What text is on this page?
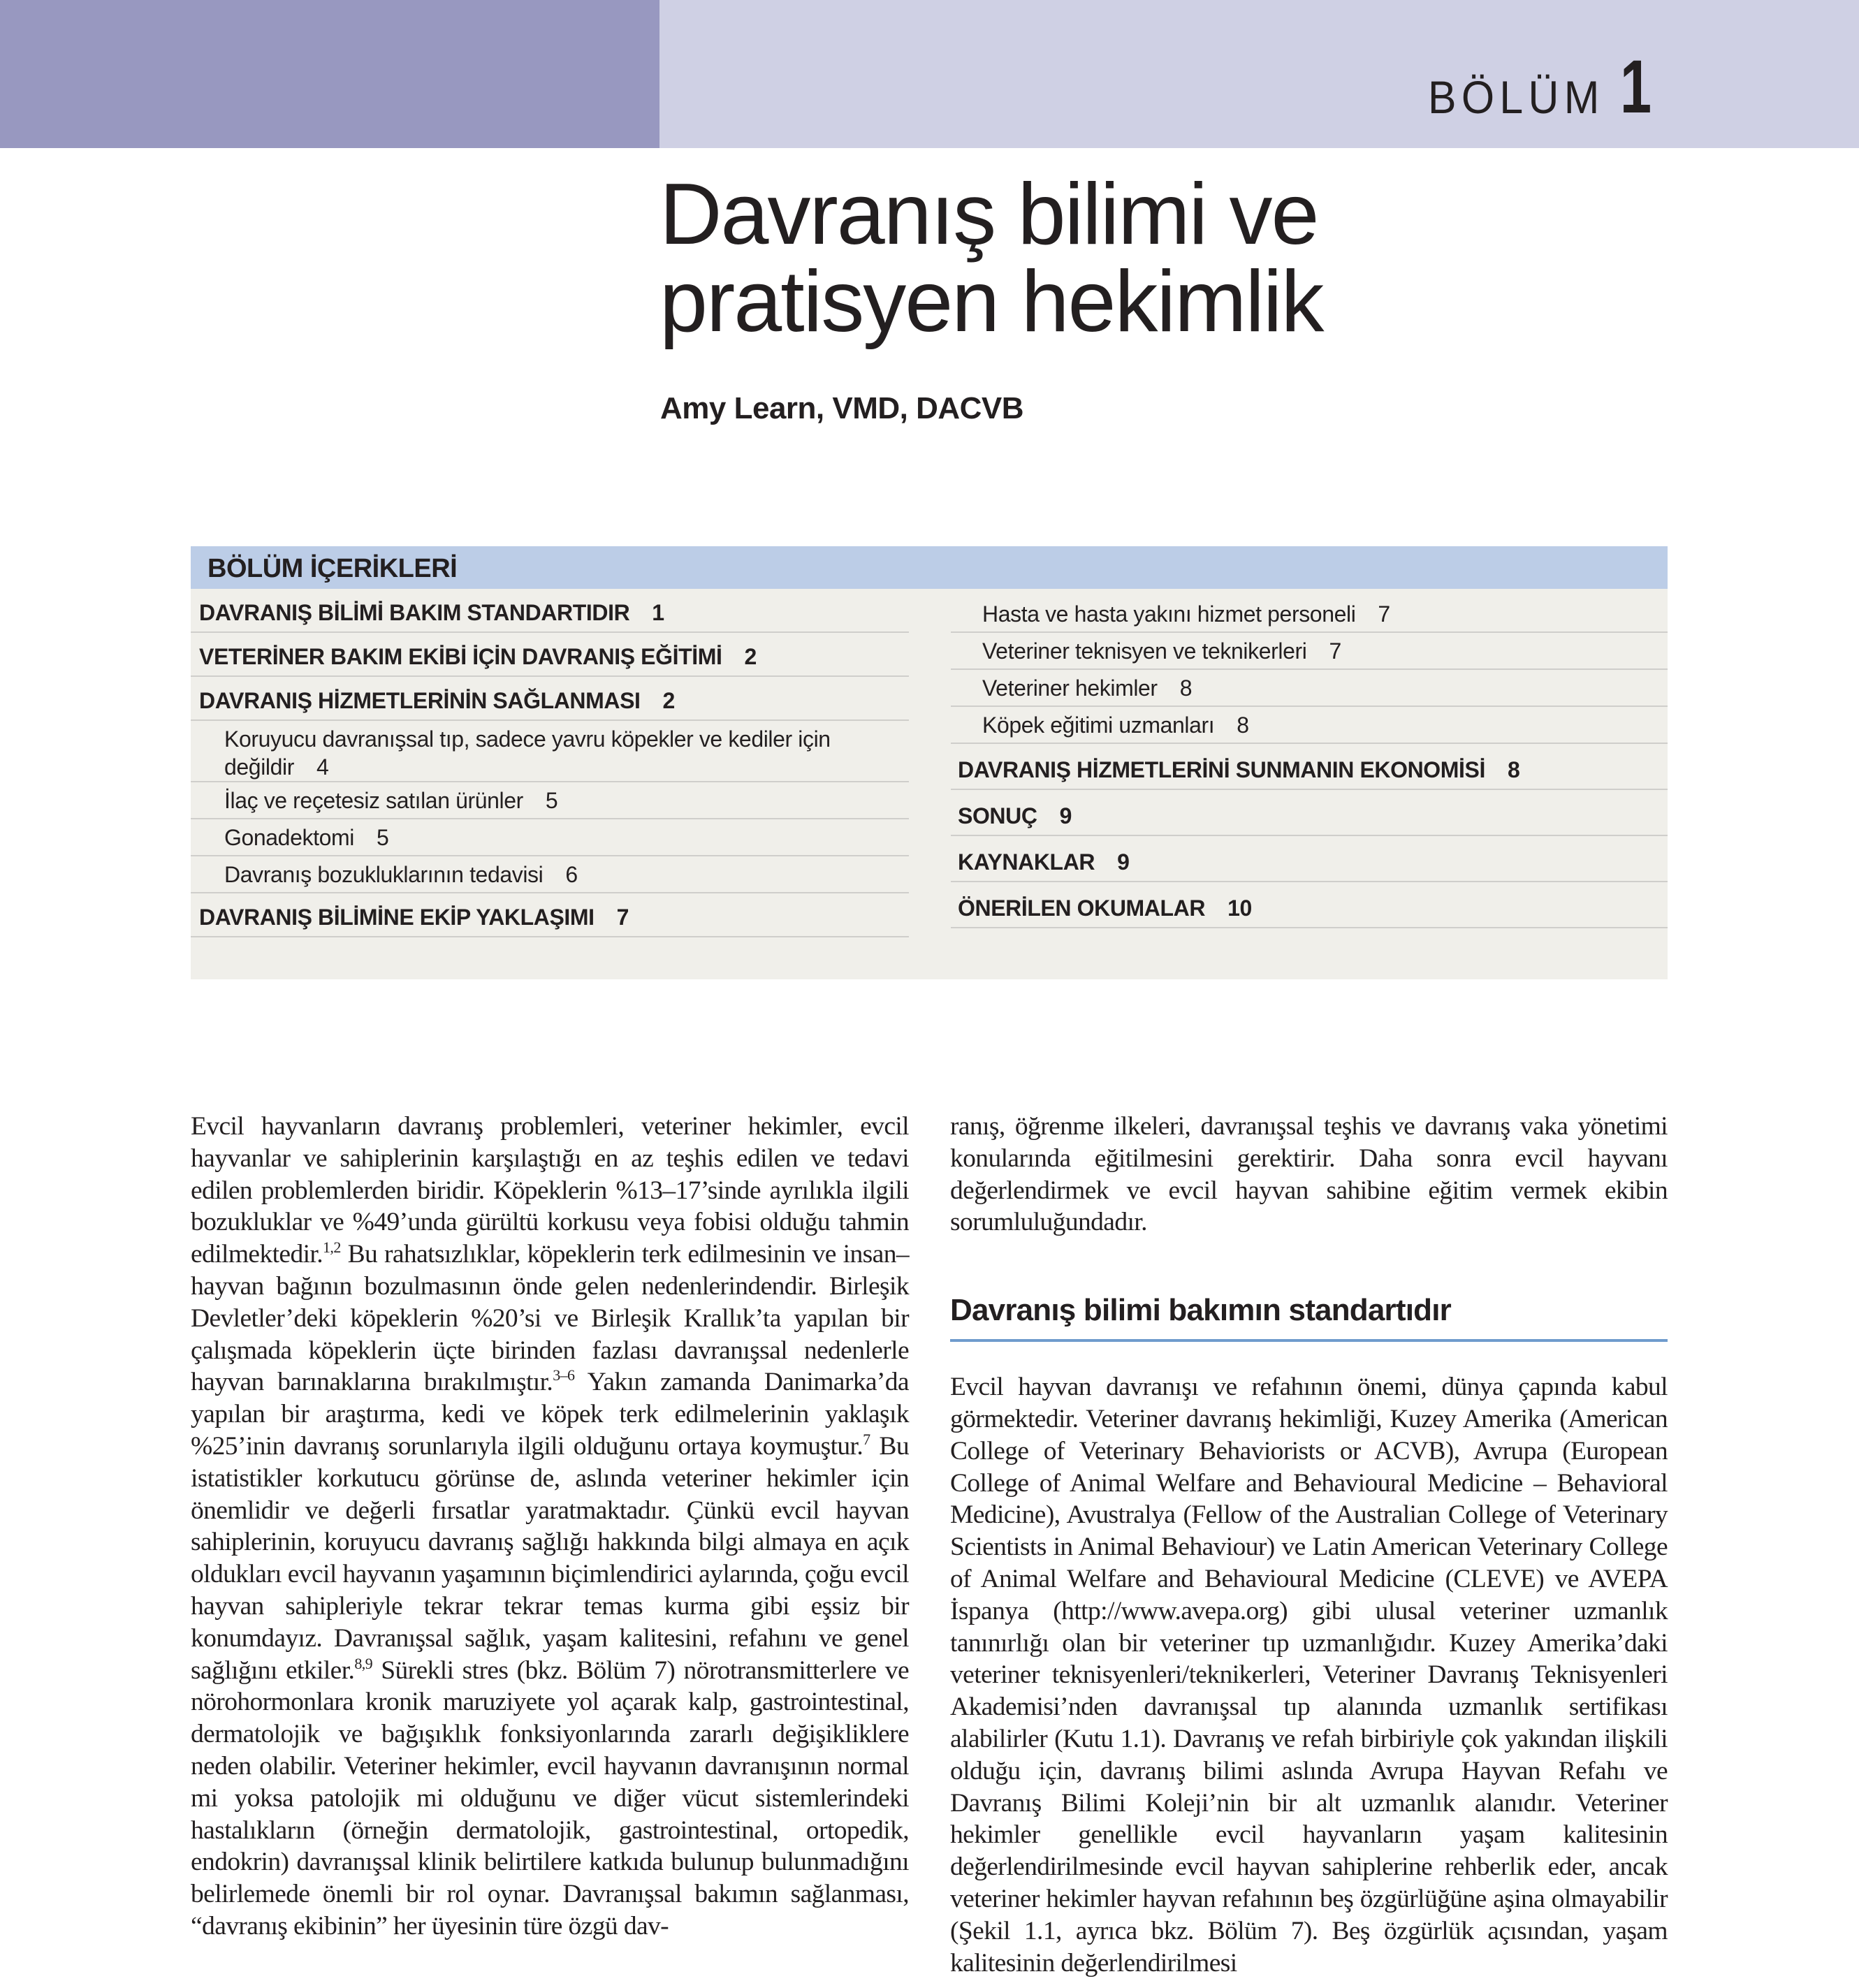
BÖLÜM 1
Davranış bilimi ve
pratisyen hekimlik
Amy Learn, VMD, DACVB
BÖLÜM İÇERİKLERİ
DAVRANIŞ BİLİMİ BAKIM STANDARTIDIR 1
VETERİNER BAKIM EKİBİ İÇİN DAVRANIŞ EĞİTİMİ 2
DAVRANIŞ HİZMETLERİNİN SAĞLANMASI 2
Koruyucu davranışsal tıp, sadece yavru köpekler ve kediler için değildir 4
İlaç ve reçetesiz satılan ürünler 5
Gonadektomi 5
Davranış bozukluklarının tedavisi 6
DAVRANIŞ BİLİMİNE EKİP YAKLAŞIMI 7
Hasta ve hasta yakını hizmet personeli 7
Veteriner teknisyen ve teknikerleri 7
Veteriner hekimler 8
Köpek eğitimi uzmanları 8
DAVRANIŞ HİZMETLERİNİ SUNMANIN EKONOMİSİ 8
SONUÇ 9
KAYNAKLAR 9
ÖNERİLEN OKUMALAR 10

Evcil hayvanların davranış problemleri, veteriner hekimler, evcil hayvanlar ve sahiplerinin karşılaştığı en az teşhis edilen ve tedavi edilen problemlerden biridir. Köpeklerin %13–17’sinde ayrılıkla ilgili bozukluklar ve %49’unda gürültü korkusu veya fobisi olduğu tahmin edilmektedir.$^{1,2}$ Bu rahatsızlıklar, köpeklerin terk edilmesinin ve insan–hayvan bağının bozulmasının önde gelen nedenlerindendir. Birleşik Devletler’deki köpeklerin %20’si ve Birleşik Krallık’ta yapılan bir çalışmada köpeklerin üçte birinden fazlası davranışsal nedenlerle hayvan barınaklarına bırakılmıştır.$^{3-6}$ Yakın zamanda Danimarka’da yapılan bir araştırma, kedi ve köpek terk edilmelerinin yaklaşık %25’inin davranış sorunlarıyla ilgili olduğunu ortaya koymuştur.$^7$ Bu istatistikler korkutucu görünse de, aslında veteriner hekimler için önemlidir ve değerli fırsatlar yaratmaktadır. Çünkü evcil hayvan sahiplerinin, koruyucu davranış sağlığı hakkında bilgi almaya en açık oldukları evcil hayvanın yaşamının biçimlendirici aylarında, çoğu evcil hayvan sahipleriyle tekrar tekrar temas kurma gibi eşsiz bir konumdayız. Davranışsal sağlık, yaşam kalitesini, refahını ve genel sağlığını etkiler.$^{8,9}$ Sürekli stres (bkz. Bölüm 7) nörotransmitterlere ve nörohormonlara kronik maruziyete yol açarak kalp, gastrointestinal, dermatolojik ve bağışıklık fonksiyonlarında zararlı değişikliklere neden olabilir. Veteriner hekimler, evcil hayvanın davranışının normal mi yoksa patolojik mi olduğunu ve diğer vücut sistemlerindeki hastalıkların (örneğin dermatolojik, gastrointestinal, ortopedik, endokrin) davranışsal klinik belirtilere katkıda bulunup bulunmadığını belirlemede önemli bir rol oynar. Davranışsal bakımın sağlanması, “davranış ekibinin” her üyesinin türe özgü dav-

ranış, öğrenme ilkeleri, davranışsal teşhis ve davranış vaka yönetimi konularında eğitilmesini gerektirir. Daha sonra evcil hayvanı değerlendirmek ve evcil hayvan sahibine eğitim vermek ekibin sorumluluğundadır.

Davranış bilimi bakımın standartıdır

Evcil hayvan davranışı ve refahının önemi, dünya çapında kabul görmektedir. Veteriner davranış hekimliği, Kuzey Amerika (American College of Veterinary Behaviorists or ACVB), Avrupa (European College of Animal Welfare and Behavioural Medicine – Behavioral Medicine), Avustralya (Fellow of the Australian College of Veterinary Scientists in Animal Behaviour) ve Latin American Veterinary College of Animal Welfare and Behavioural Medicine (CLEVE) ve AVEPA İspanya (http://www.avepa.org) gibi ulusal veteriner uzmanlık tanınırlığı olan bir veteriner tıp uzmanlığıdır. Kuzey Amerika’daki veteriner teknisyenleri/teknikerleri, Veteriner Davranış Teknisyenleri Akademisi’nden davranışsal tıp alanında uzmanlık sertifikası alabilirler (Kutu 1.1). Davranış ve refah birbiriyle çok yakından ilişkili olduğu için, davranış bilimi aslında Avrupa Hayvan Refahı ve Davranış Bilimi Koleji’nin bir alt uzmanlık alanıdır. Veteriner hekimler genellikle evcil hayvanların yaşam kalitesinin değerlendirilmesinde evcil hayvan sahiplerine rehberlik eder, ancak veteriner hekimler hayvan refahının beş özgürlüğüne aşina olmayabilir (Şekil 1.1, ayrıca bkz. Bölüm 7). Beş özgürlük açısından, yaşam kalitesinin değerlendirilmesi
